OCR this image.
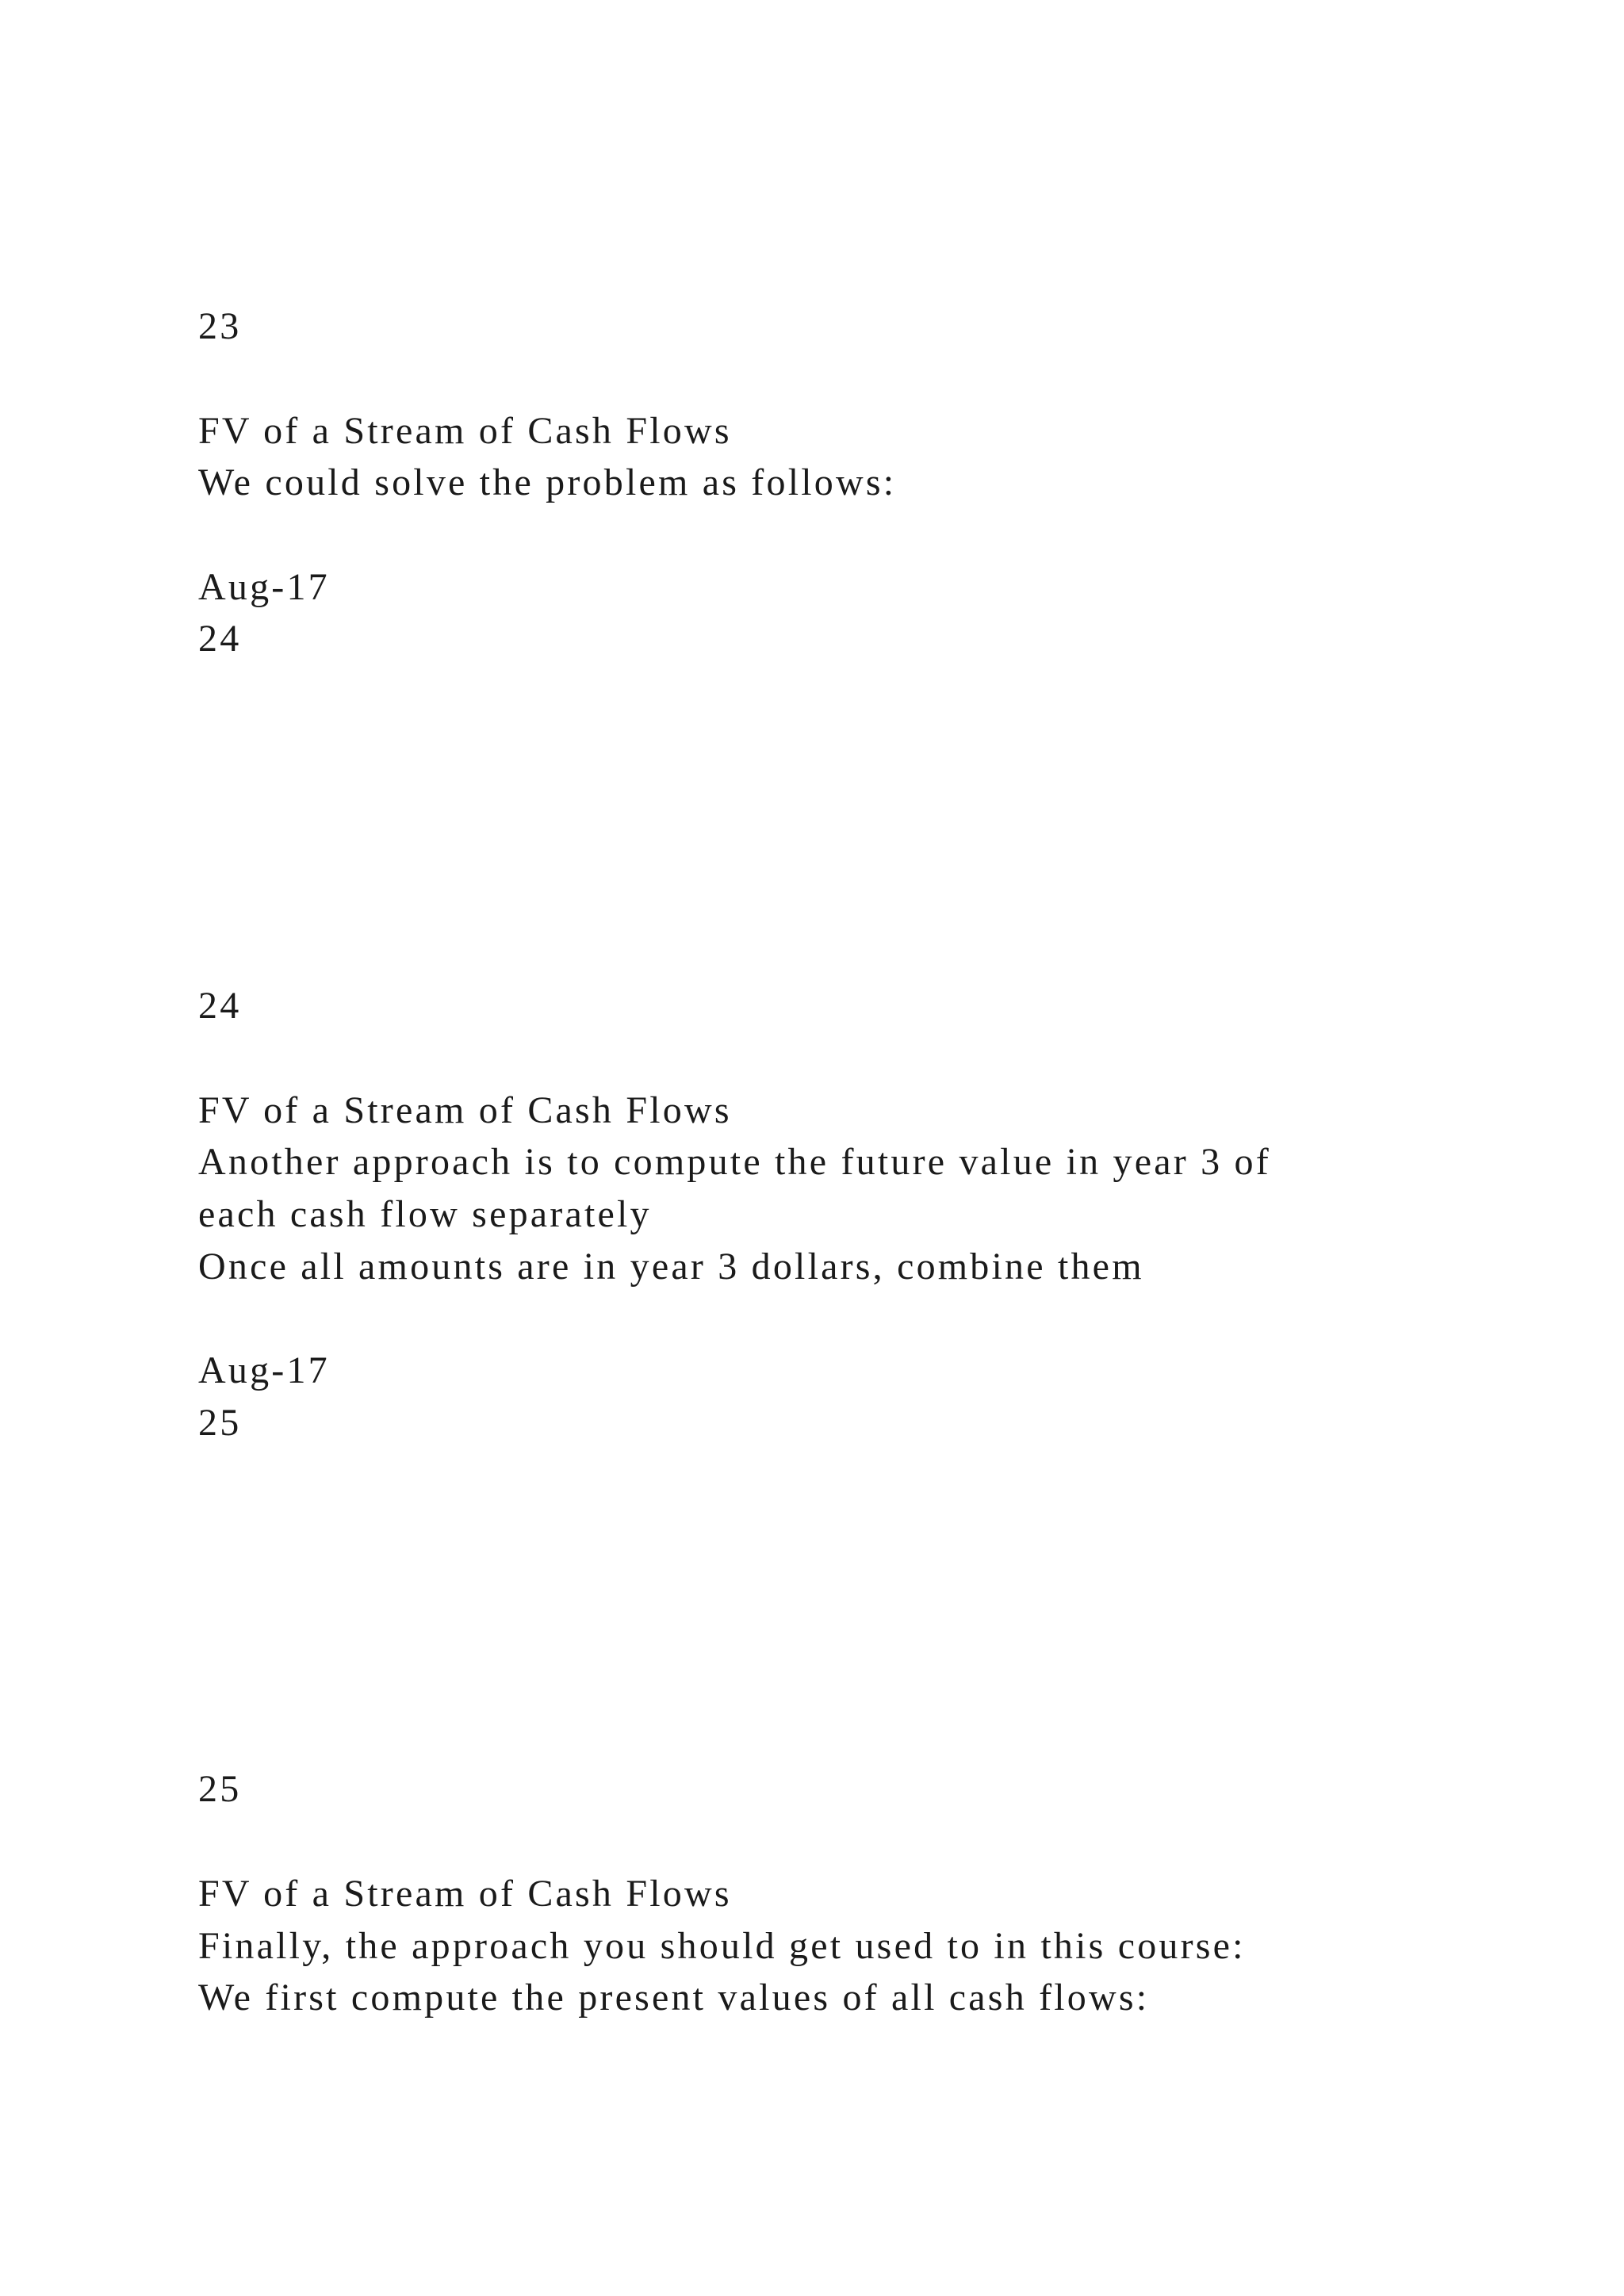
23

FV of a Stream of Cash Flows

We could solve the problem as follows:

Aug-17

24

24

FV of a Stream of Cash Flows

Another approach is to compute the future value in year 3 of

each cash flow separately

Once all amounts are in year 3 dollars, combine them

Aug-17

25

25

FV of a Stream of Cash Flows

Finally, the approach you should get used to in this course:

We first compute the present values of all cash flows:
